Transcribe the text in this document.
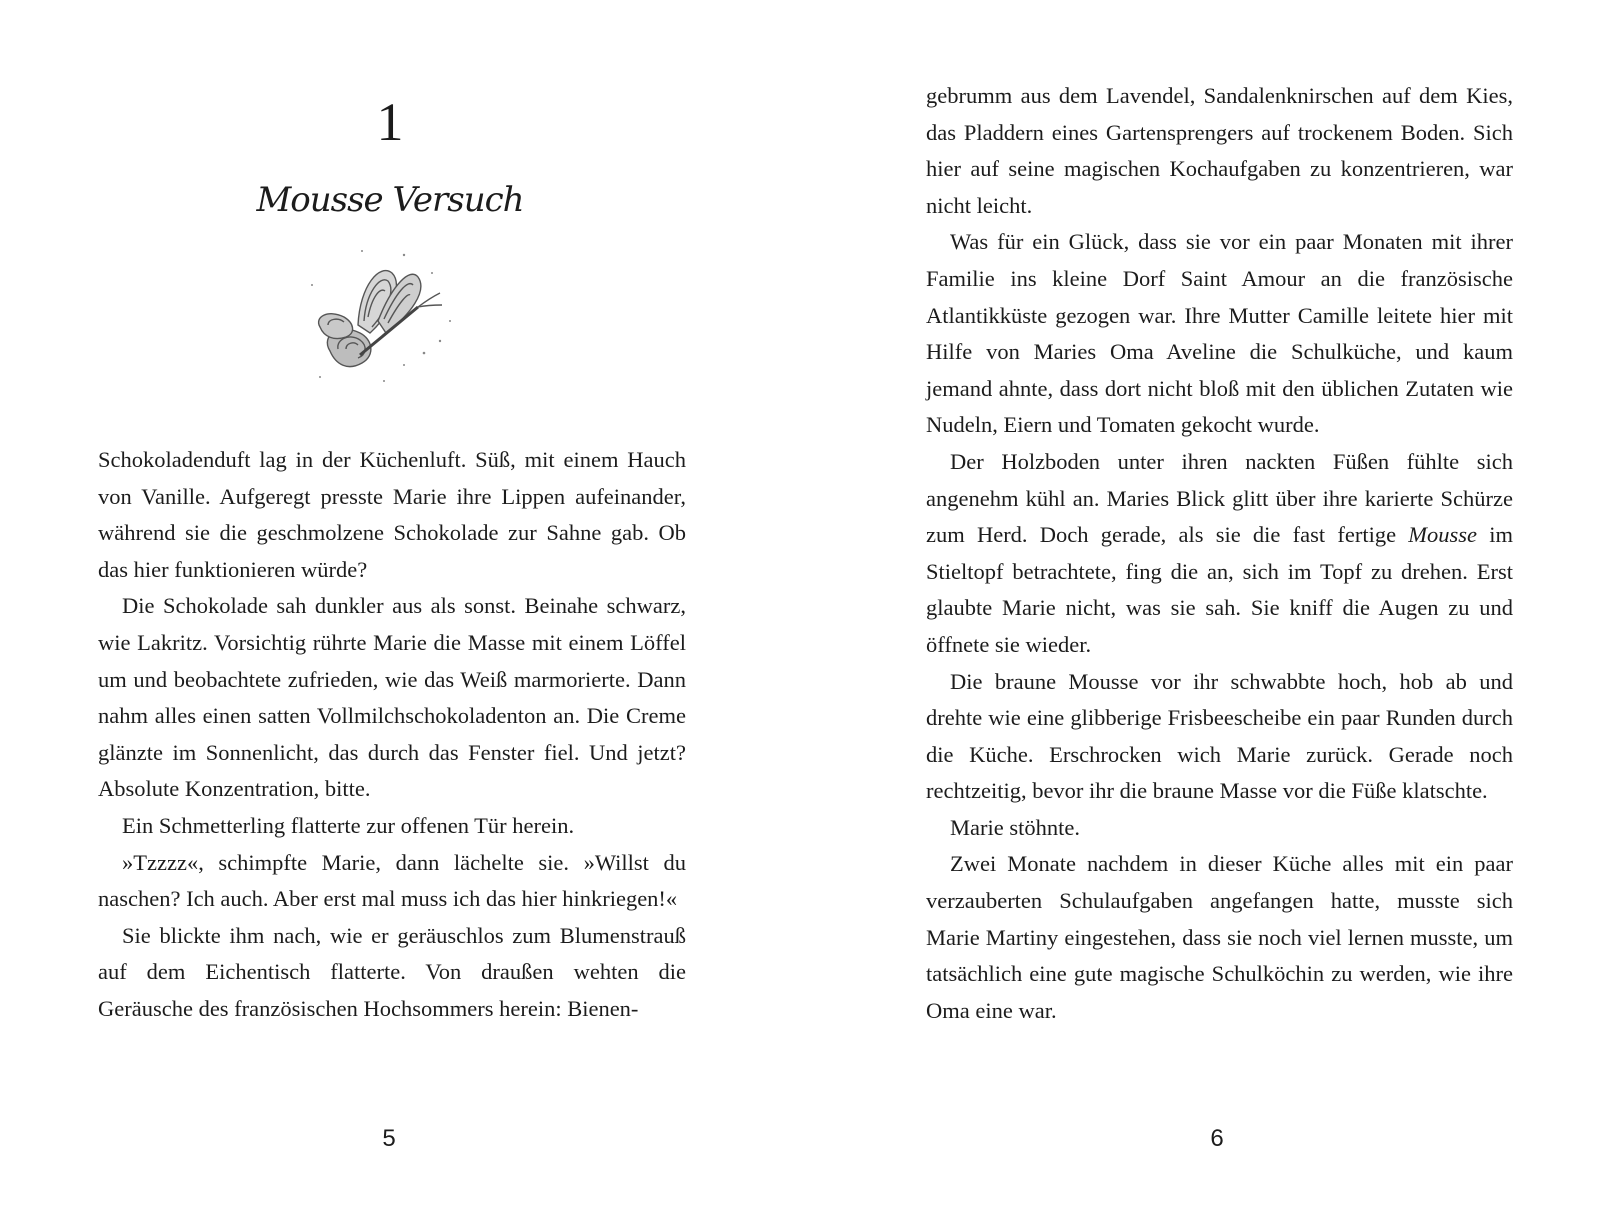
1
Mousse Versuch

Schokoladenduft lag in der Küchenluft. Süß, mit einem Hauch von Vanille. Aufgeregt presste Marie ihre Lippen aufeinander, während sie die geschmolzene Schokolade zur Sahne gab. Ob das hier funktionieren würde?

Die Schokolade sah dunkler aus als sonst. Beinahe schwarz, wie Lakritz. Vorsichtig rührte Marie die Masse mit einem Löffel um und beobachtete zufrieden, wie das Weiß marmorierte. Dann nahm alles einen satten Vollmilchschokoladenton an. Die Creme glänzte im Sonnenlicht, das durch das Fenster fiel. Und jetzt? Absolute Konzentration, bitte.

Ein Schmetterling flatterte zur offenen Tür herein.

»Tzzzz«, schimpfte Marie, dann lächelte sie. »Willst du naschen? Ich auch. Aber erst mal muss ich das hier hinkriegen!«

Sie blickte ihm nach, wie er geräuschlos zum Blumenstrauß auf dem Eichentisch flatterte. Von draußen wehten die Geräusche des französischen Hochsommers herein: Bienen-

5

gebrumm aus dem Lavendel, Sandalenknirschen auf dem Kies, das Pladdern eines Gartensprengers auf trockenem Boden. Sich hier auf seine magischen Kochaufgaben zu konzentrieren, war nicht leicht.

Was für ein Glück, dass sie vor ein paar Monaten mit ihrer Familie ins kleine Dorf Saint Amour an die französische Atlantikküste gezogen war. Ihre Mutter Camille leitete hier mit Hilfe von Maries Oma Aveline die Schulküche, und kaum jemand ahnte, dass dort nicht bloß mit den üblichen Zutaten wie Nudeln, Eiern und Tomaten gekocht wurde.

Der Holzboden unter ihren nackten Füßen fühlte sich angenehm kühl an. Maries Blick glitt über ihre karierte Schürze zum Herd. Doch gerade, als sie die fast fertige Mousse im Stieltopf betrachtete, fing die an, sich im Topf zu drehen. Erst glaubte Marie nicht, was sie sah. Sie kniff die Augen zu und öffnete sie wieder.

Die braune Mousse vor ihr schwabbte hoch, hob ab und drehte wie eine glibberige Frisbeescheibe ein paar Runden durch die Küche. Erschrocken wich Marie zurück. Gerade noch rechtzeitig, bevor ihr die braune Masse vor die Füße klatschte.

Marie stöhnte.

Zwei Monate nachdem in dieser Küche alles mit ein paar verzauberten Schulaufgaben angefangen hatte, musste sich Marie Martiny eingestehen, dass sie noch viel lernen musste, um tatsächlich eine gute magische Schulköchin zu werden, wie ihre Oma eine war.

6
